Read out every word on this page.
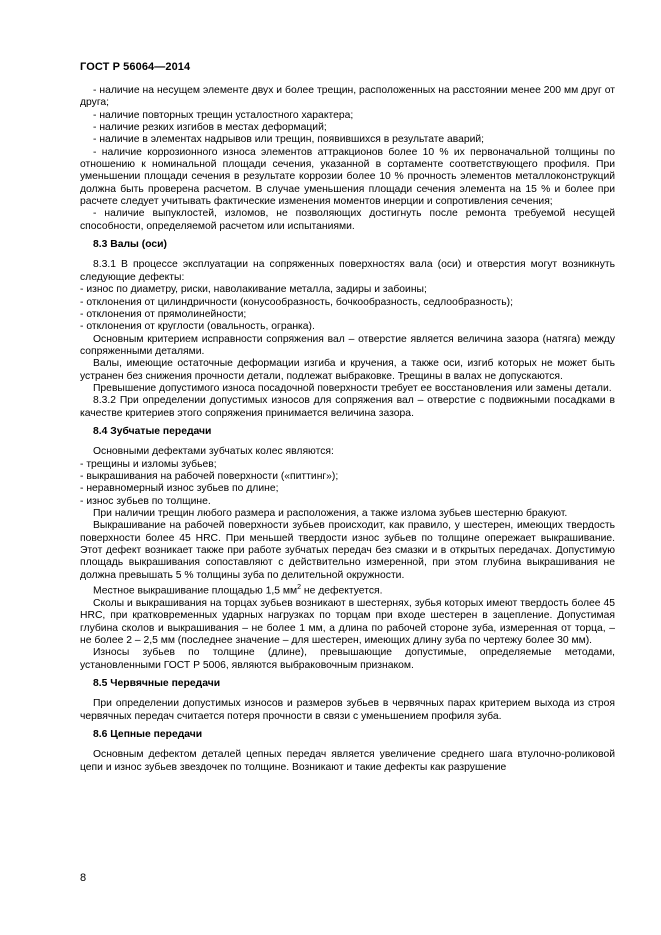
ГОСТ Р 56064—2014

- наличие на несущем элементе двух и более трещин, расположенных на расстоянии менее 200 мм друг от друга;

- наличие повторных трещин усталостного характера;

- наличие резких изгибов в местах деформаций;

- наличие в элементах надрывов или трещин, появившихся в результате аварий;

- наличие коррозионного износа элементов аттракционов более 10 % их первоначальной толщины по отношению к номинальной площади сечения, указанной в сортаменте соответствующего профиля. При уменьшении площади сечения в результате коррозии более 10 % прочность элементов металлоконструкций должна быть проверена расчетом. В случае уменьшения площади сечения элемента на 15 % и более при расчете следует учитывать фактические изменения моментов инерции и сопротивления сечения;

- наличие выпуклостей, изломов, не позволяющих достигнуть после ремонта требуемой несущей способности, определяемой расчетом или испытаниями.

8.3 Валы (оси)

8.3.1 В процессе эксплуатации на сопряженных поверхностях вала (оси) и отверстия могут возникнуть следующие дефекты:

- износ по диаметру, риски, наволакивание металла, задиры и забоины;

- отклонения от цилиндричности (конусообразность, бочкообразность, седлообразность);

- отклонения от прямолинейности;

- отклонения от круглости (овальность, огранка).

Основным критерием исправности сопряжения вал – отверстие является величина зазора (натяга) между сопряженными деталями.

Валы, имеющие остаточные деформации изгиба и кручения, а также оси, изгиб которых не может быть устранен без снижения прочности детали, подлежат выбраковке. Трещины в валах не допускаются.

Превышение допустимого износа посадочной поверхности требует ее восстановления или замены детали.

8.3.2 При определении допустимых износов для сопряжения вал – отверстие с подвижными посадками в качестве критериев этого сопряжения принимается величина зазора.

8.4 Зубчатые передачи

Основными дефектами зубчатых колес являются:

- трещины и изломы зубьев;

- выкрашивания на рабочей поверхности («питтинг»);

- неравномерный износ зубьев по длине;

- износ зубьев по толщине.

При наличии трещин любого размера и расположения, а также излома зубьев шестерню бракуют.

Выкрашивание на рабочей поверхности зубьев происходит, как правило, у шестерен, имеющих твердость поверхности более 45 HRC. При меньшей твердости износ зубьев по толщине опережает выкрашивание. Этот дефект возникает также при работе зубчатых передач без смазки и в открытых передачах. Допустимую площадь выкрашивания сопоставляют с действительно измеренной, при этом глубина выкрашивания не должна превышать 5 % толщины зуба по делительной окружности.

Местное выкрашивание площадью 1,5 $мм^2$ не дефектуется.

Сколы и выкрашивания на торцах зубьев возникают в шестернях, зубья которых имеют твердость более 45 HRC, при кратковременных ударных нагрузках по торцам при входе шестерен в зацепление. Допустимая глубина сколов и выкрашивания – не более 1 мм, а длина по рабочей стороне зуба, измеренная от торца, – не более 2 – 2,5 мм (последнее значение – для шестерен, имеющих длину зуба по чертежу более 30 мм).

Износы зубьев по толщине (длине), превышающие допустимые, определяемые методами, установленными ГОСТ Р 5006, являются выбраковочным признаком.

8.5 Червячные передачи

При определении допустимых износов и размеров зубьев в червячных парах критерием выхода из строя червячных передач считается потеря прочности в связи с уменьшением профиля зуба.

8.6 Цепные передачи

Основным дефектом деталей цепных передач является увеличение среднего шага втулочно-роликовой цепи и износ зубьев звездочек по толщине. Возникают и такие дефекты как разрушение

8
